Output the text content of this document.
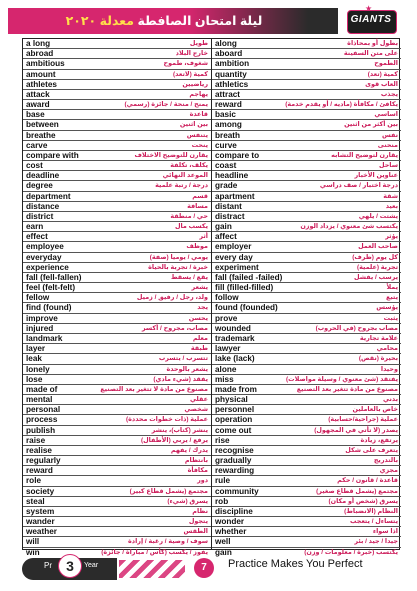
ليلة امتحان الصافطة معدلة ٢٠٢٠
★
GIANTS
a long	طويل
abroad	خارج البلاد
ambitious	شغوف، طموح
amount	كمية (لاتعد)
athletes	رياضيين
attack	يهاجم
award	يمنح / منحة / جائزة (رسمي)
base	قاعدة
between	بين اثنين
breathe	يتنفس
carve	ينحت
compare with	يقارن للتوضيح الاختلاف
cost	يكلف، تكلفة
deadline	الموعد النهائي
degree	درجة / رتبة علمية
department	قسم
distance	مسافة
district	حي / منطقة
earn	يكسب مال
effect	أثر
employee	موظف
everyday	يومي / يوميا (صفة)
experience	خبرة / تجربة بالحياة
fall (fell-fallen)	يقع / يسقط
feel (felt-felt)	يشعر
fellow	ولد، رجل / رفيق / زميل
find (found)	يجد
improve	يحسن
injured	مصاب، مجروح / أكسر
landmark	معلم
layer	طبقة
leak	تتسرب / يتسرب
lonely	يشعر بالوحدة
lose	يفقد (شيء مادي)
made of	مصنوع من مادة لا تتغير بعد التصنيع
mental	عقلي
personal	شخصي
process	عملية (ذات خطوات محددة)
publish	ينشر (كتاب)، ينشر
raise	يرفع / يربي (الأطفال)
realise	يدرك / يفهم
regularly	بانتظام
reward	مكافأة
role	دور
society	مجتمع (يشمل قطاع كبير)
steal	يسرق (شيء)
system	نظام
wander	يتجول
weather	الطقس
will	سوف / وصية / رغبة / إرادة
win	يفوز / يكسب (كأس / مباراة / جائزة)
along	بطول أو بمحاذاة
aboard	على متن السفينة
ambition	الطموح
quantity	كمية (تعد)
athletics	العاب قوى
attract	يجذب
reward	يكافئ / مكافأة (ماديه / أو يقدم خدمة)
basic	اساسي
among	بين أكثر من اثنين
breath	نفس
curve	منحنى
compare to	يقارن لتوضيح التشابه
coast	ساحل
headline	عناوين الأخبار
grade	درجة اختبار / صف دراسي
apartment	شقة
distant	بعيد
distract	يشتت / يلهي
gain	يكتسب شئ معنوي / يزداد الوزن
affect	يؤثر
employer	صاحب العمل
every day	كل يوم (ظرف)
experiment	تجربة (علمية)
fall (failed -failed)	يرسب / يفشل
fill (filled-filled)	يملأ
follow	يتبع
found (founded)	يؤسس
prove	يثبت
wounded	مصاب بجروح (في الحروب)
trademark	علامة تجارية
lawyer	محامي
lake (lack)	بحيرة (نقص)
alone	وحيدا
miss	يفتقد (شئ معنوي / وسيلة مواصلات)
made from	مصنوع من مادة تتغير بعد التصنيع
physical	بدني
personnel	خاص بالعاملين
operation	عملية (جراحية/حسابية)
come out	يصدر (لا تأتي في المجهول)
rise	يرتفع، زيادة
recognise	يتعرف على شكل
gradually	بالتدريج
rewarding	مجزي
rule	قاعدة / قانون / حكم
community	مجتمع (يشمل قطاع صغير)
rob	يسرق (شخص أو مكان)
discipline	النظام (الانضباط)
wonder	يتساءل / يتعجب
whether	اذا سواء
well	جيدا / جيد / بئر
gain	يكتسب (خبرة / معلومات / وزن)
Pr	3	Year	7	Practice Makes You Perfect
